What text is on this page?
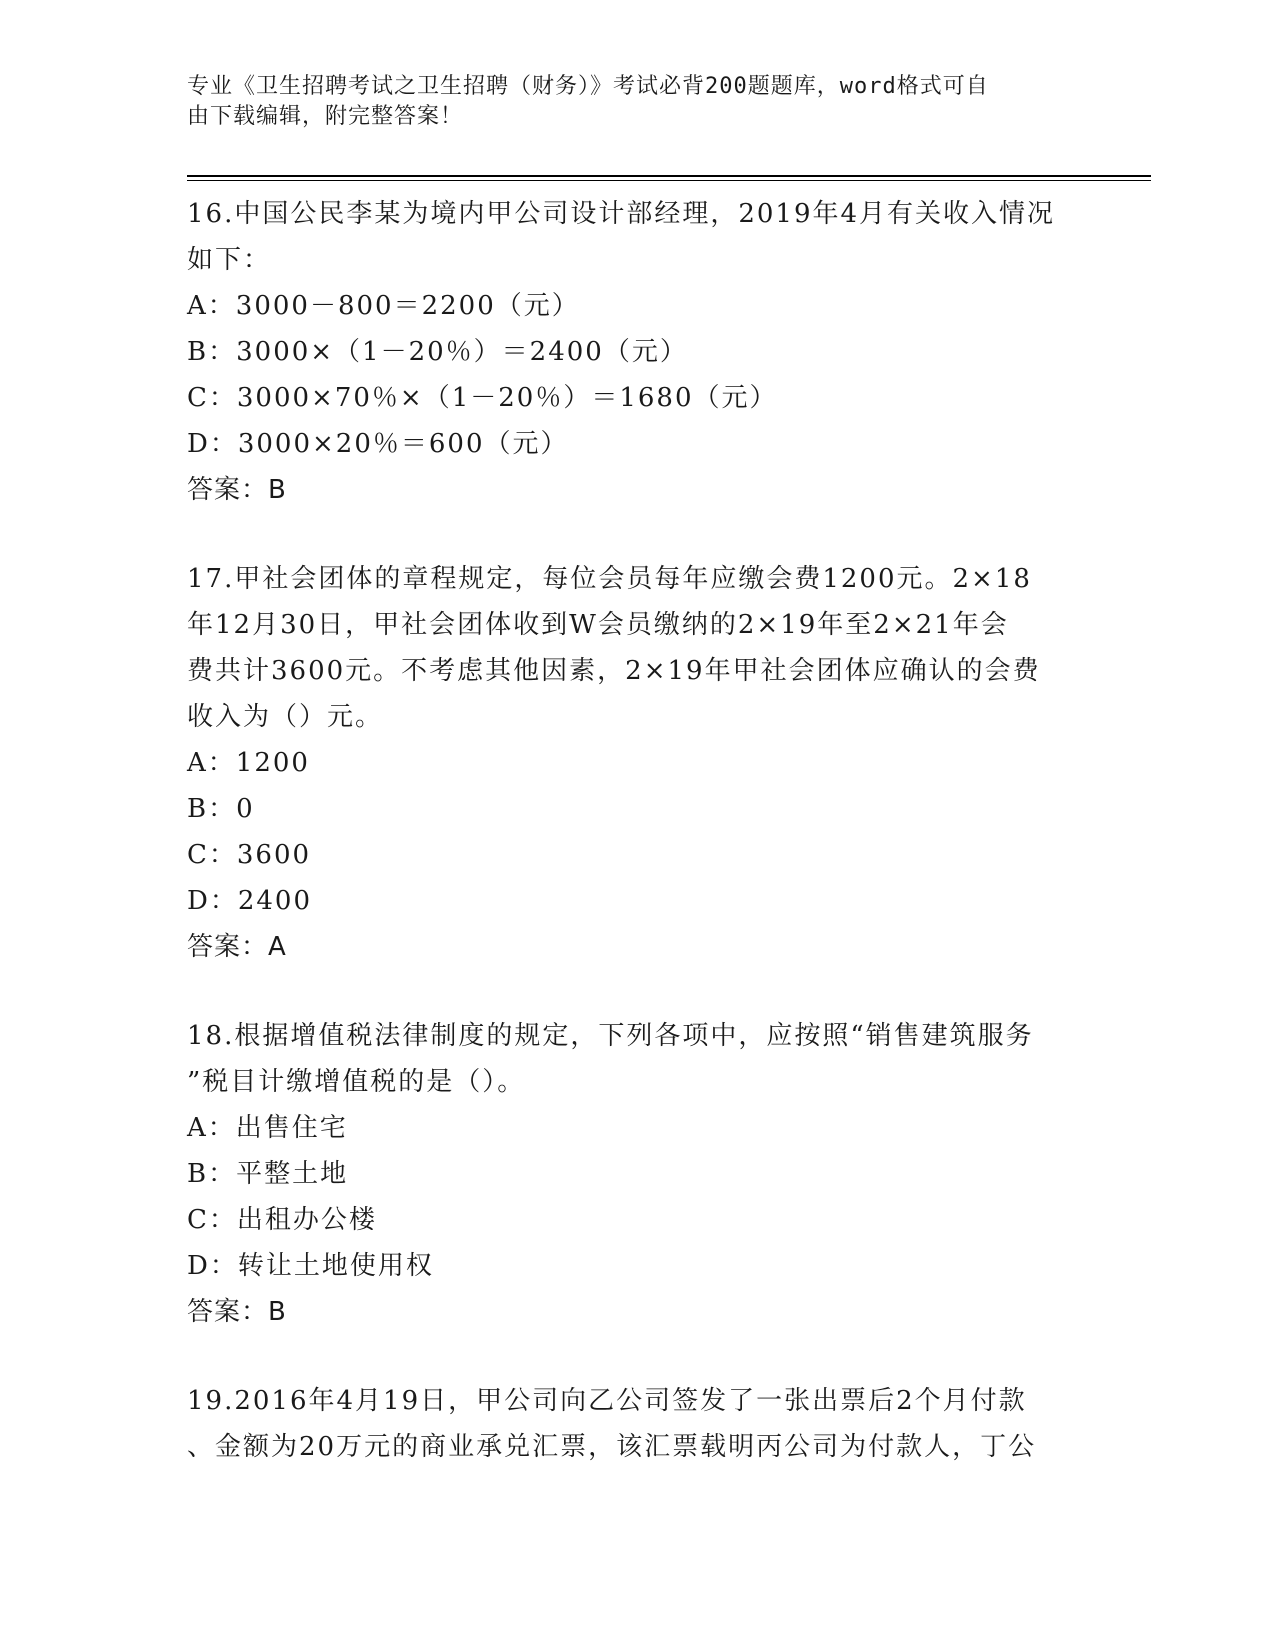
专业《卫生招聘考试之卫生招聘（财务）》考试必背200题题库，word格式可自
由下载编辑，附完整答案！
16.中国公民李某为境内甲公司设计部经理，2019年4月有关收入情况
如下：
A：3000－800＝2200（元）
B：3000×（1－20％）＝2400（元）
C：3000×70％×（1－20％）＝1680（元）
D：3000×20％＝600（元）
答案：B
17.甲社会团体的章程规定，每位会员每年应缴会费1200元。2×18
年12月30日，甲社会团体收到W会员缴纳的2×19年至2×21年会
费共计3600元。不考虑其他因素，2×19年甲社会团体应确认的会费
收入为（）元。
A：1200
B：0
C：3600
D：2400
答案：A
18.根据增值税法律制度的规定，下列各项中，应按照“销售建筑服务
”税目计缴增值税的是（）。
A：出售住宅
B：平整土地
C：出租办公楼
D：转让土地使用权
答案：B
19.2016年4月19日，甲公司向乙公司签发了一张出票后2个月付款
、金额为20万元的商业承兑汇票，该汇票载明丙公司为付款人，丁公
